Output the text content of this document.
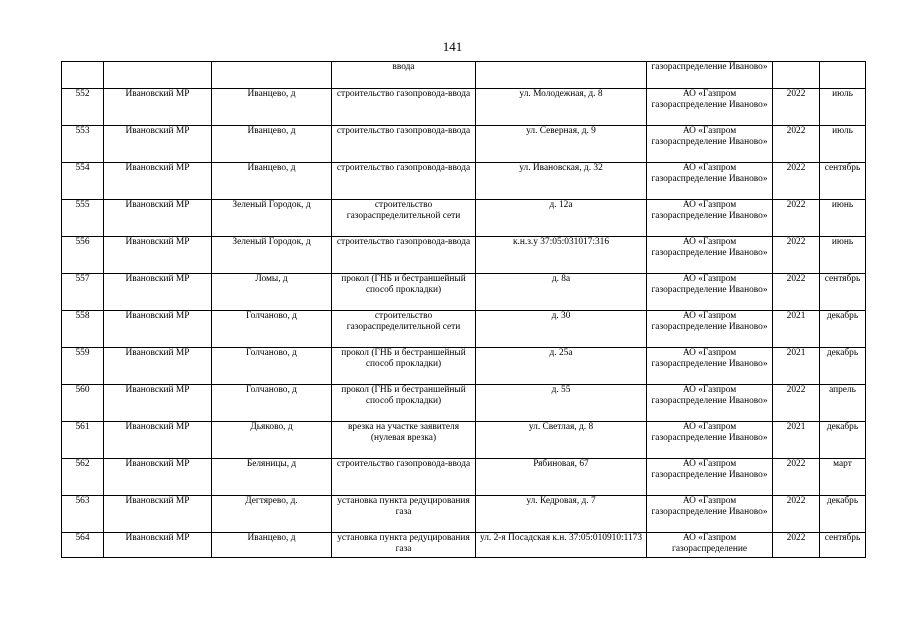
141
			ввода		газораспределение Иваново»		
552	Ивановский МР	Иванцево, д	строительство газопровода-ввода	ул. Молодежная, д. 8	АО «Газпром газораспределение Иваново»	2022	июль
553	Ивановский МР	Иванцево, д	строительство газопровода-ввода	ул. Северная, д. 9	АО «Газпром газораспределение Иваново»	2022	июль
554	Ивановский МР	Иванцево, д	строительство газопровода-ввода	ул. Ивановская, д. 32	АО «Газпром газораспределение Иваново»	2022	сентябрь
555	Ивановский МР	Зеленый Городок, д	строительство газораспределительной сети	д. 12а	АО «Газпром газораспределение Иваново»	2022	июнь
556	Ивановский МР	Зеленый Городок, д	строительство газопровода-ввода	к.н.з.у 37:05:031017:316	АО «Газпром газораспределение Иваново»	2022	июнь
557	Ивановский МР	Ломы, д	прокол (ГНБ и бестраншейный способ прокладки)	д. 8а	АО «Газпром газораспределение Иваново»	2022	сентябрь
558	Ивановский МР	Голчаново, д	строительство газораспределительной сети	д. 30	АО «Газпром газораспределение Иваново»	2021	декабрь
559	Ивановский МР	Голчаново, д	прокол (ГНБ и бестраншейный способ прокладки)	д. 25а	АО «Газпром газораспределение Иваново»	2021	декабрь
560	Ивановский МР	Голчаново, д	прокол (ГНБ и бестраншейный способ прокладки)	д. 55	АО «Газпром газораспределение Иваново»	2022	апрель
561	Ивановский МР	Дьяково, д	врезка на участке заявителя (нулевая врезка)	ул. Светлая, д. 8	АО «Газпром газораспределение Иваново»	2021	декабрь
562	Ивановский МР	Беляницы, д	строительство газопровода-ввода	Рябиновая, 67	АО «Газпром газораспределение Иваново»	2022	март
563	Ивановский МР	Дегтярево, д.	установка пункта редуцирования газа	ул. Кедровая, д. 7	АО «Газпром газораспределение Иваново»	2022	декабрь
564	Ивановский МР	Иванцево, д	установка пункта редуцирования газа	ул. 2-я Посадская к.н. 37:05:010910:1173	АО «Газпром газораспределение	2022	сентябрь
